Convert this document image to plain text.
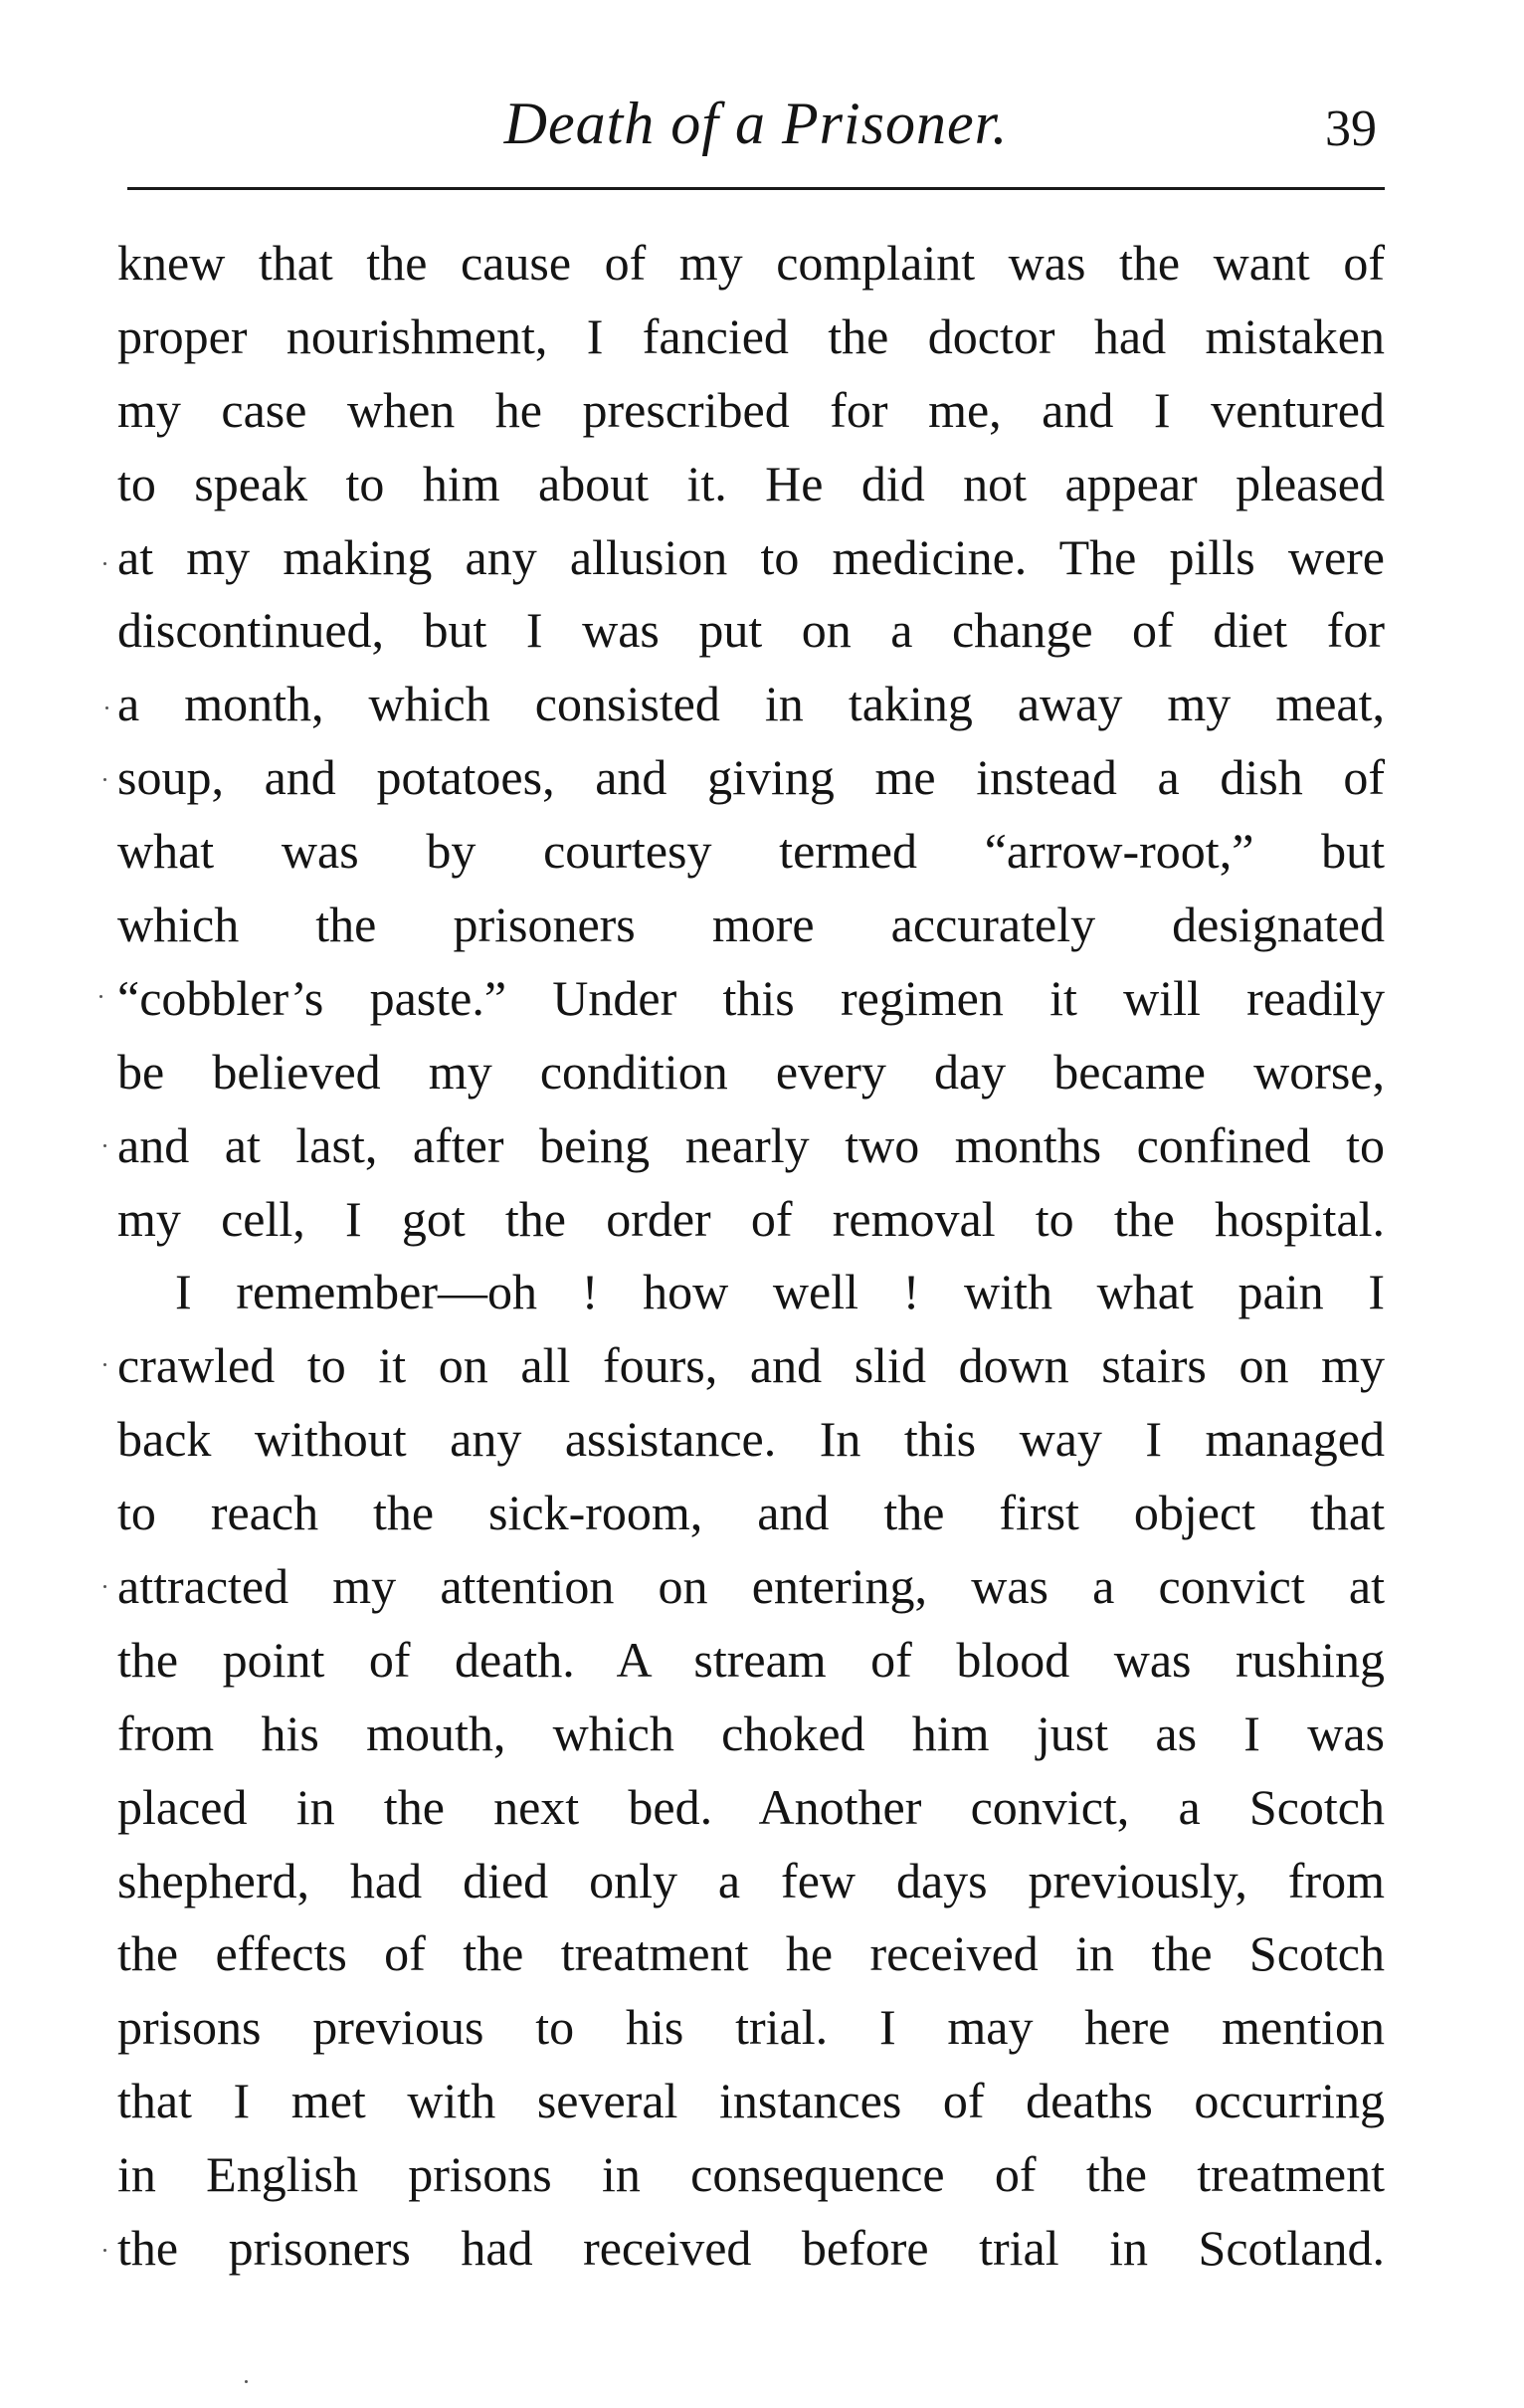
Death of a Prisoner.	39
knew that the cause of my complaint was the want of
proper nourishment, I fancied the doctor had mistaken
my case when he prescribed for me, and I ventured
to speak to him about it. He did not appear pleased
at my making any allusion to medicine. The pills were
discontinued, but I was put on a change of diet for
a month, which consisted in taking away my meat,
soup, and potatoes, and giving me instead a dish of
what was by courtesy termed “arrow-root,” but
which the prisoners more accurately designated
“cobbler’s paste.” Under this regimen it will readily
be believed my condition every day became worse,
and at last, after being nearly two months confined to
my cell, I got the order of removal to the hospital.
I remember—oh ! how well ! with what pain I
crawled to it on all fours, and slid down stairs on my
back without any assistance. In this way I managed
to reach the sick-room, and the first object that
attracted my attention on entering, was a convict at
the point of death. A stream of blood was rushing
from his mouth, which choked him just as I was
placed in the next bed. Another convict, a Scotch
shepherd, had died only a few days previously, from
the effects of the treatment he received in the Scotch
prisons previous to his trial. I may here mention
that I met with several instances of deaths occurring
in English prisons in consequence of the treatment
the prisoners had received before trial in Scotland.
